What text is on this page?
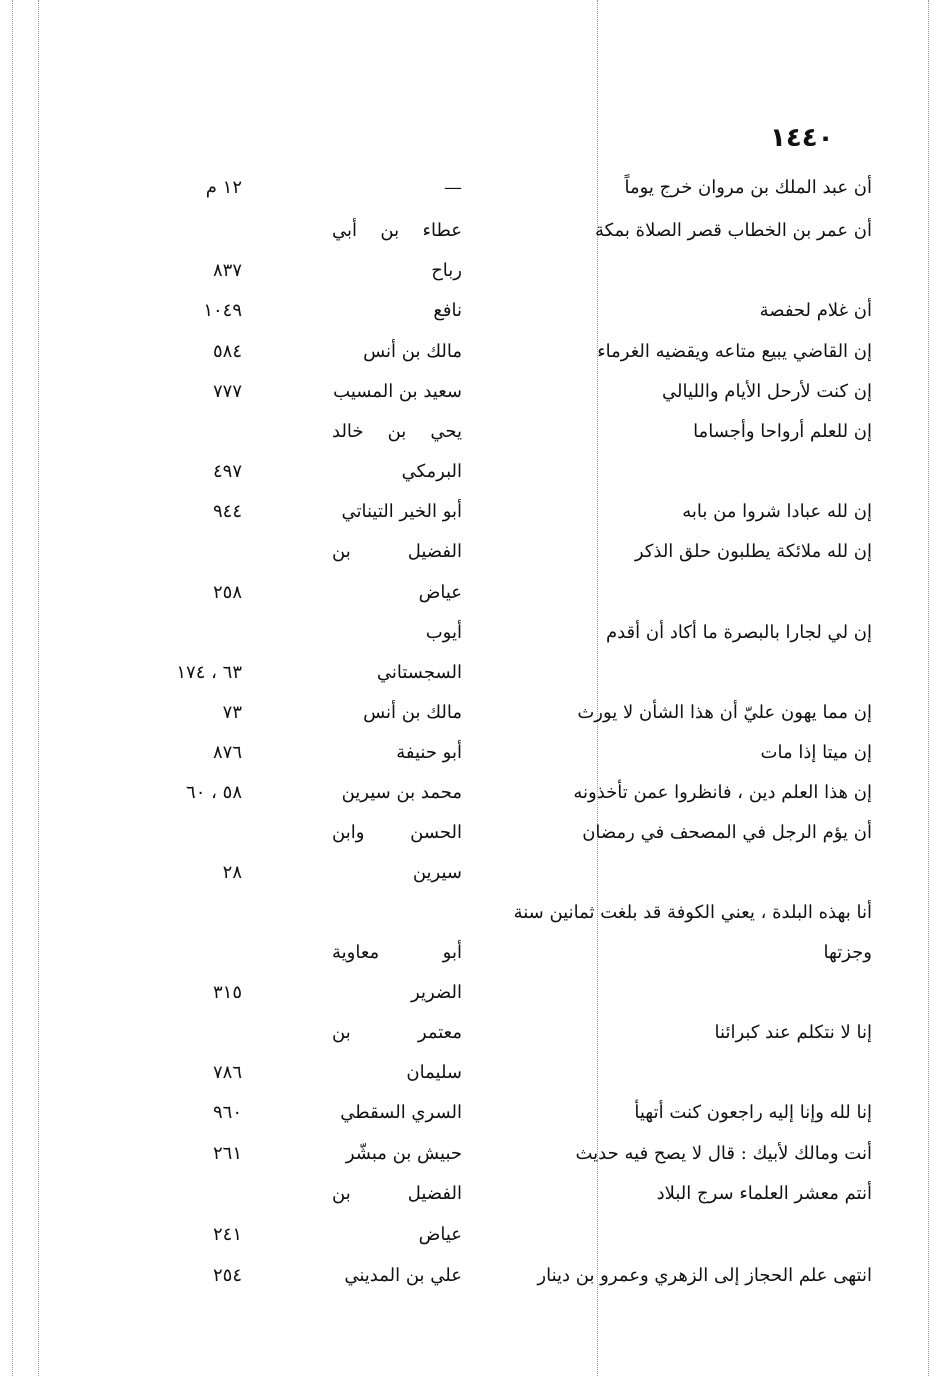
١٤٤٠
أن عبد الملك بن مروان خرج يوماً
—
١٢ م
أن عمر بن الخطاب قصر الصلاة بمكة
عطاء بن أبي
رباح
٨٣٧
أن غلام لحفصة
نافع
١٠٤٩
إن القاضي يبيع متاعه ويقضيه الغرماء
مالك بن أنس
٥٨٤
إن كنت لأرحل الأيام والليالي
سعيد بن المسيب
٧٧٧
إن للعلم أرواحا وأجساما
يحي بن خالد
البرمكي
٤٩٧
إن لله عبادا شروا من بابه
أبو الخير التيناتي
٩٤٤
إن لله ملائكة يطلبون حلق الذكر
الفضيل بن
عياض
٢٥٨
إن لي لجارا بالبصرة ما أكاد أن أقدم
أيوب
السجستاني
٦٣ ، ١٧٤
إن مما يهون عليّ أن هذا الشأن لا يورث
مالك بن أنس
٧٣
إن ميتا إذا مات
أبو حنيفة
٨٧٦
إن هذا العلم دين ، فانظروا عمن تأخذونه
محمد بن سيرين
٥٨ ، ٦٠
أن يؤم الرجل في المصحف في رمضان
الحسن وابن
سيرين
٢٨
أنا بهذه البلدة ، يعني الكوفة قد بلغت ثمانين سنة
وجزتها
أبو معاوية
الضرير
٣١٥
إنا لا نتكلم عند كبرائنا
معتمر بن
سليمان
٧٨٦
إنا لله وإنا إليه راجعون كنت أتهيأ
السري السقطي
٩٦٠
أنت ومالك لأبيك : قال لا يصح فيه حديث
حبيش بن مبشّر
٢٦١
أنتم معشر العلماء سرج البلاد
الفضيل بن
عياض
٢٤١
انتهى علم الحجاز إلى الزهري وعمرو بن دينار
علي بن المديني
٢٥٤
